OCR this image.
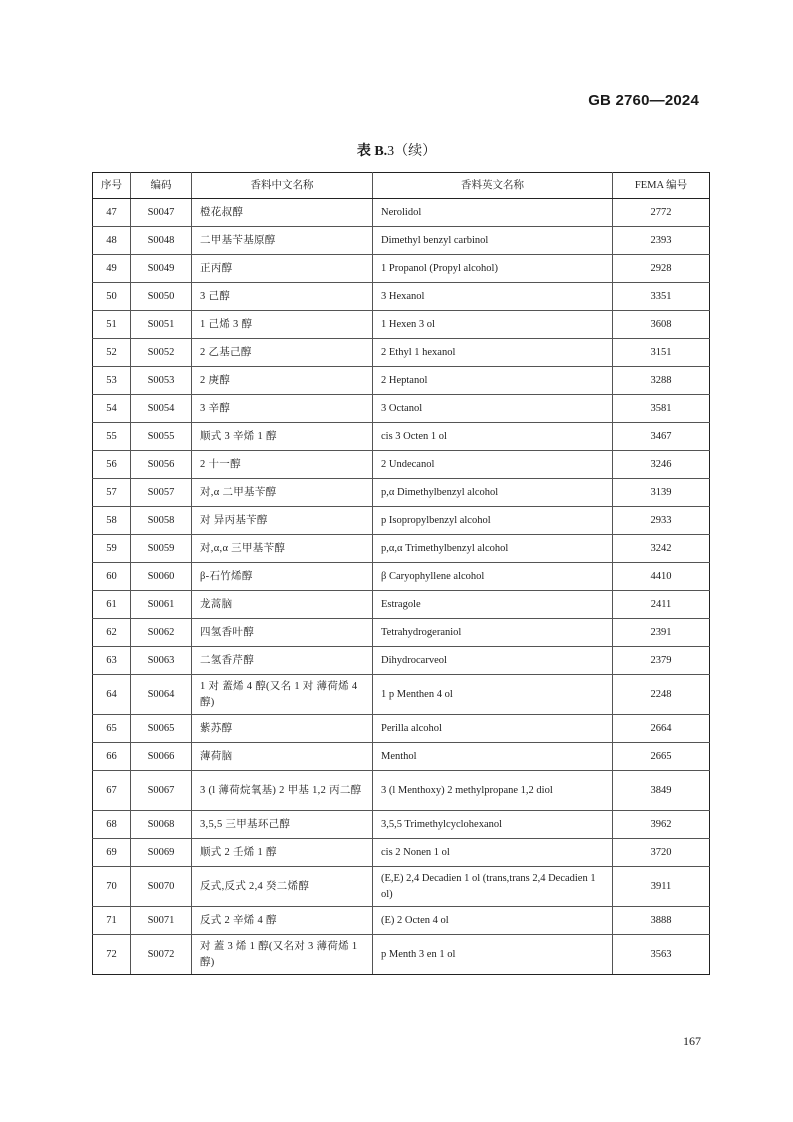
GB 2760—2024
表 B.3（续）
序号	编码	香料中文名称	香料英文名称	FEMA 编号
47	S0047	橙花叔醇	Nerolidol	2772
48	S0048	二甲基苄基原醇	Dimethyl benzyl carbinol	2393
49	S0049	正丙醇	1 Propanol (Propyl alcohol)	2928
50	S0050	3 己醇	3 Hexanol	3351
51	S0051	1 己烯 3 醇	1 Hexen 3 ol	3608
52	S0052	2 乙基己醇	2 Ethyl 1 hexanol	3151
53	S0053	2 庚醇	2 Heptanol	3288
54	S0054	3 辛醇	3 Octanol	3581
55	S0055	顺式 3 辛烯 1 醇	cis 3 Octen 1 ol	3467
56	S0056	2 十一醇	2 Undecanol	3246
57	S0057	对,α 二甲基苄醇	p,α Dimethylbenzyl alcohol	3139
58	S0058	对 异丙基苄醇	p Isopropylbenzyl alcohol	2933
59	S0059	对,α,α 三甲基苄醇	p,α,α Trimethylbenzyl alcohol	3242
60	S0060	β-石竹烯醇	β Caryophyllene alcohol	4410
61	S0061	龙蒿脑	Estragole	2411
62	S0062	四氢香叶醇	Tetrahydrogeraniol	2391
63	S0063	二氢香芹醇	Dihydrocarveol	2379
64	S0064	1 对 蓋烯 4 醇(又名 1 对 薄荷烯 4 醇)	1 p Menthen 4 ol	2248
65	S0065	紫苏醇	Perilla alcohol	2664
66	S0066	薄荷脑	Menthol	2665
67	S0067	3 (l 薄荷烷氧基) 2 甲基 1,2 丙二醇	3 (l Menthoxy) 2 methylpropane 1,2 diol	3849
68	S0068	3,5,5 三甲基环己醇	3,5,5 Trimethylcyclohexanol	3962
69	S0069	顺式 2 壬烯 1 醇	cis 2 Nonen 1 ol	3720
70	S0070	反式,反式 2,4 癸二烯醇	(E,E) 2,4 Decadien 1 ol (trans,trans 2,4 Decadien 1 ol)	3911
71	S0071	反式 2 辛烯 4 醇	(E) 2 Octen 4 ol	3888
72	S0072	对 蓋 3 烯 1 醇(又名对 3 薄荷烯 1 醇)	p Menth 3 en 1 ol	3563
167
